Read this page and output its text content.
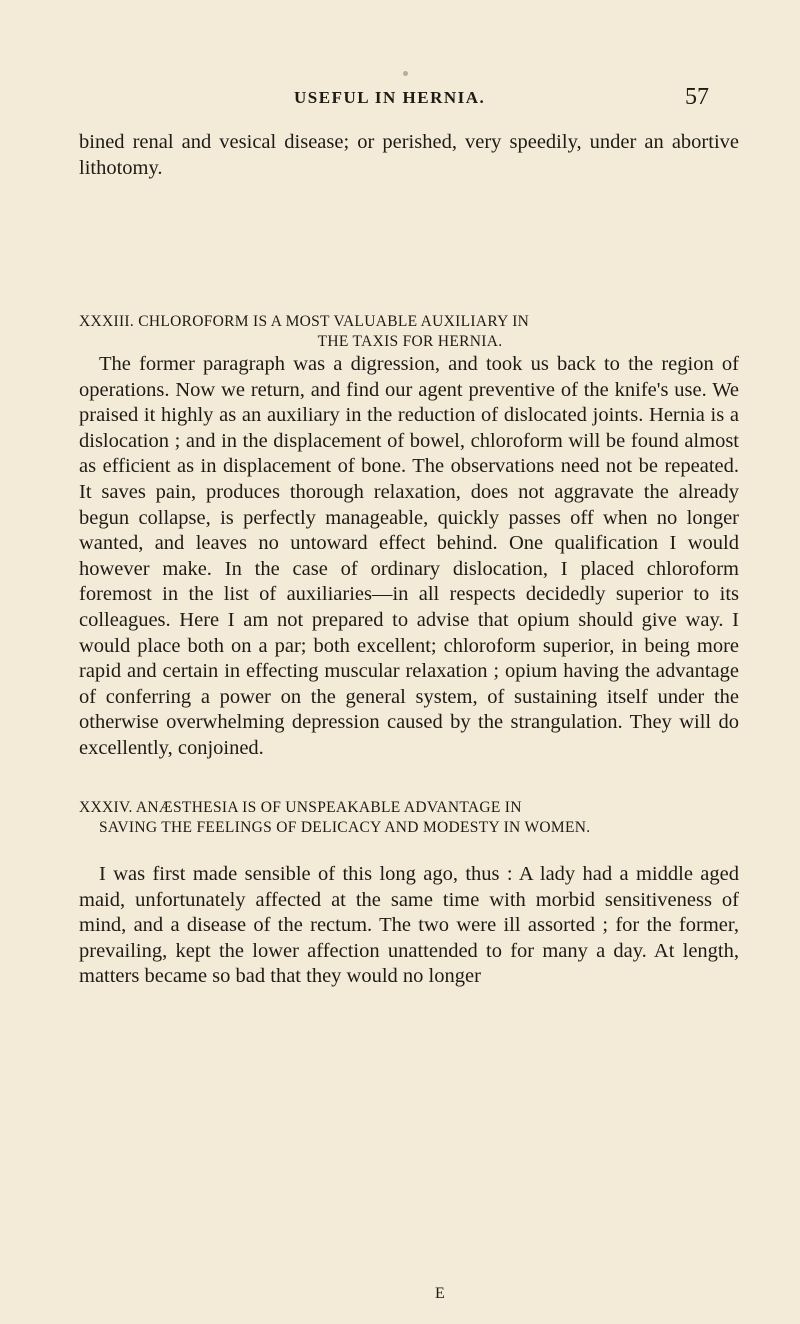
USEFUL IN HERNIA.	57

bined renal and vesical disease; or perished, very speedily, under an abortive lithotomy.

XXXIII. CHLOROFORM IS A MOST VALUABLE AUXILIARY IN
THE TAXIS FOR HERNIA.

The former paragraph was a digression, and took us back to the region of operations. Now we return, and find our agent preventive of the knife's use. We praised it highly as an auxiliary in the reduction of dislocated joints. Hernia is a dislocation ; and in the displacement of bowel, chloroform will be found almost as efficient as in displacement of bone. The observations need not be repeated. It saves pain, produces thorough relaxation, does not aggravate the already begun collapse, is perfectly manageable, quickly passes off when no longer wanted, and leaves no untoward effect behind. One qualification I would however make. In the case of ordinary dislocation, I placed chloroform foremost in the list of auxiliaries—in all respects decidedly superior to its colleagues. Here I am not prepared to advise that opium should give way. I would place both on a par; both excellent; chloroform superior, in being more rapid and certain in effecting muscular relaxation ; opium having the advantage of conferring a power on the general system, of sustaining itself under the otherwise overwhelming depression caused by the strangulation. They will do excellently, conjoined.

XXXIV. ANÆSTHESIA IS OF UNSPEAKABLE ADVANTAGE IN
SAVING THE FEELINGS OF DELICACY AND MODESTY IN WOMEN.

I was first made sensible of this long ago, thus : A lady had a middle aged maid, unfortunately affected at the same time with morbid sensitiveness of mind, and a disease of the rectum. The two were ill assorted ; for the former, prevailing, kept the lower affection unattended to for many a day. At length, matters became so bad that they would no longer

E
